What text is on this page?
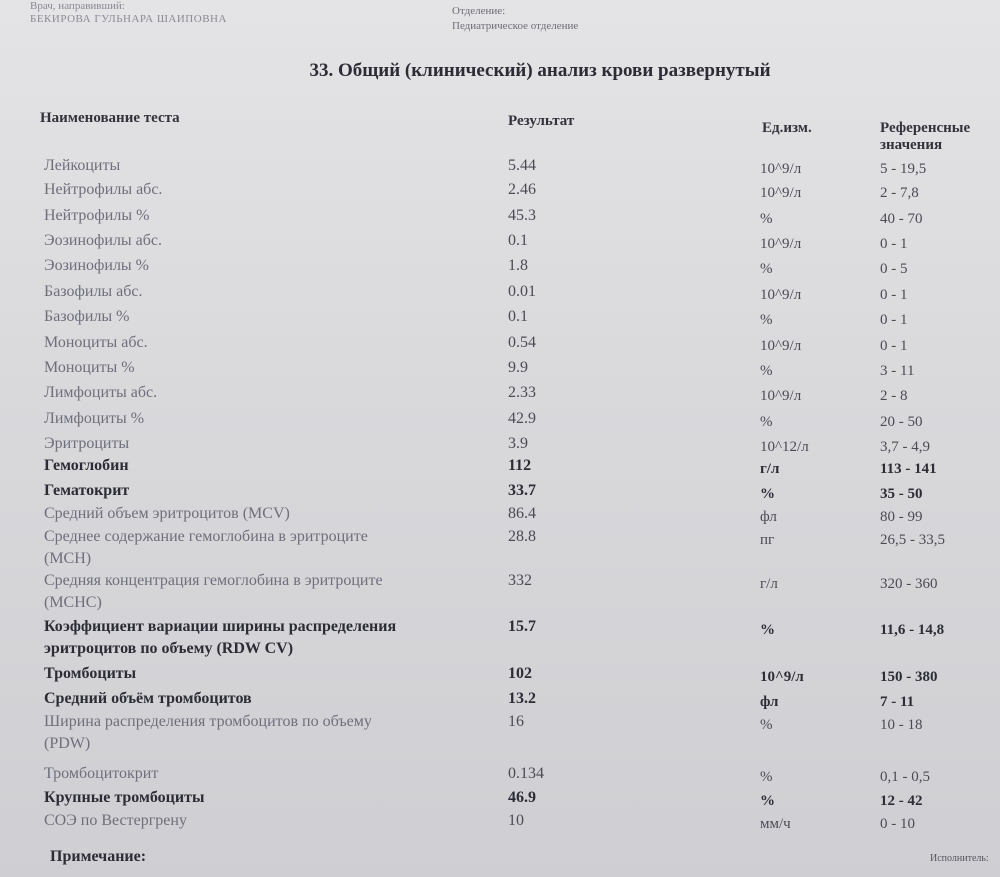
Врач, направивший:
БЕКИРОВА ГУЛЬНАРА ШАИПОВНА
Отделение:
Педиатрическое отделение
33. Общий (клинический) анализ крови развернутый
Наименование теста	Результат	Ед.изм.	Референсные
значения
Лейкоциты	5.44	10^9/л	5 - 19,5
Нейтрофилы абс.	2.46	10^9/л	2 - 7,8
Нейтрофилы %	45.3	%	40 - 70
Эозинофилы абс.	0.1	10^9/л	0 - 1
Эозинофилы %	1.8	%	0 - 5
Базофилы абс.	0.01	10^9/л	0 - 1
Базофилы %	0.1	%	0 - 1
Моноциты абс.	0.54	10^9/л	0 - 1
Моноциты %	9.9	%	3 - 11
Лимфоциты абс.	2.33	10^9/л	2 - 8
Лимфоциты %	42.9	%	20 - 50
Эритроциты	3.9	10^12/л	3,7 - 4,9
Гемоглобин	112	г/л	113 - 141
Гематокрит	33.7	%	35 - 50
Средний объем эритроцитов (MCV)	86.4	фл	80 - 99
Среднее содержание гемоглобина в эритроците	28.8	пг	26,5 - 33,5
(MCH)
Средняя концентрация гемоглобина в эритроците	332	г/л	320 - 360
(MCHC)
Коэффициент вариации ширины распределения	15.7	%	11,6 - 14,8
эритроцитов по объему (RDW CV)
Тромбоциты	102	10^9/л	150 - 380
Средний объём тромбоцитов	13.2	фл	7 - 11
Ширина распределения тромбоцитов по объему	16	%	10 - 18
(PDW)
Тромбоцитокрит	0.134	%	0,1 - 0,5
Крупные тромбоциты	46.9	%	12 - 42
СОЭ по Вестергрену	10	мм/ч	0 - 10
Примечание:	Исполнитель:
